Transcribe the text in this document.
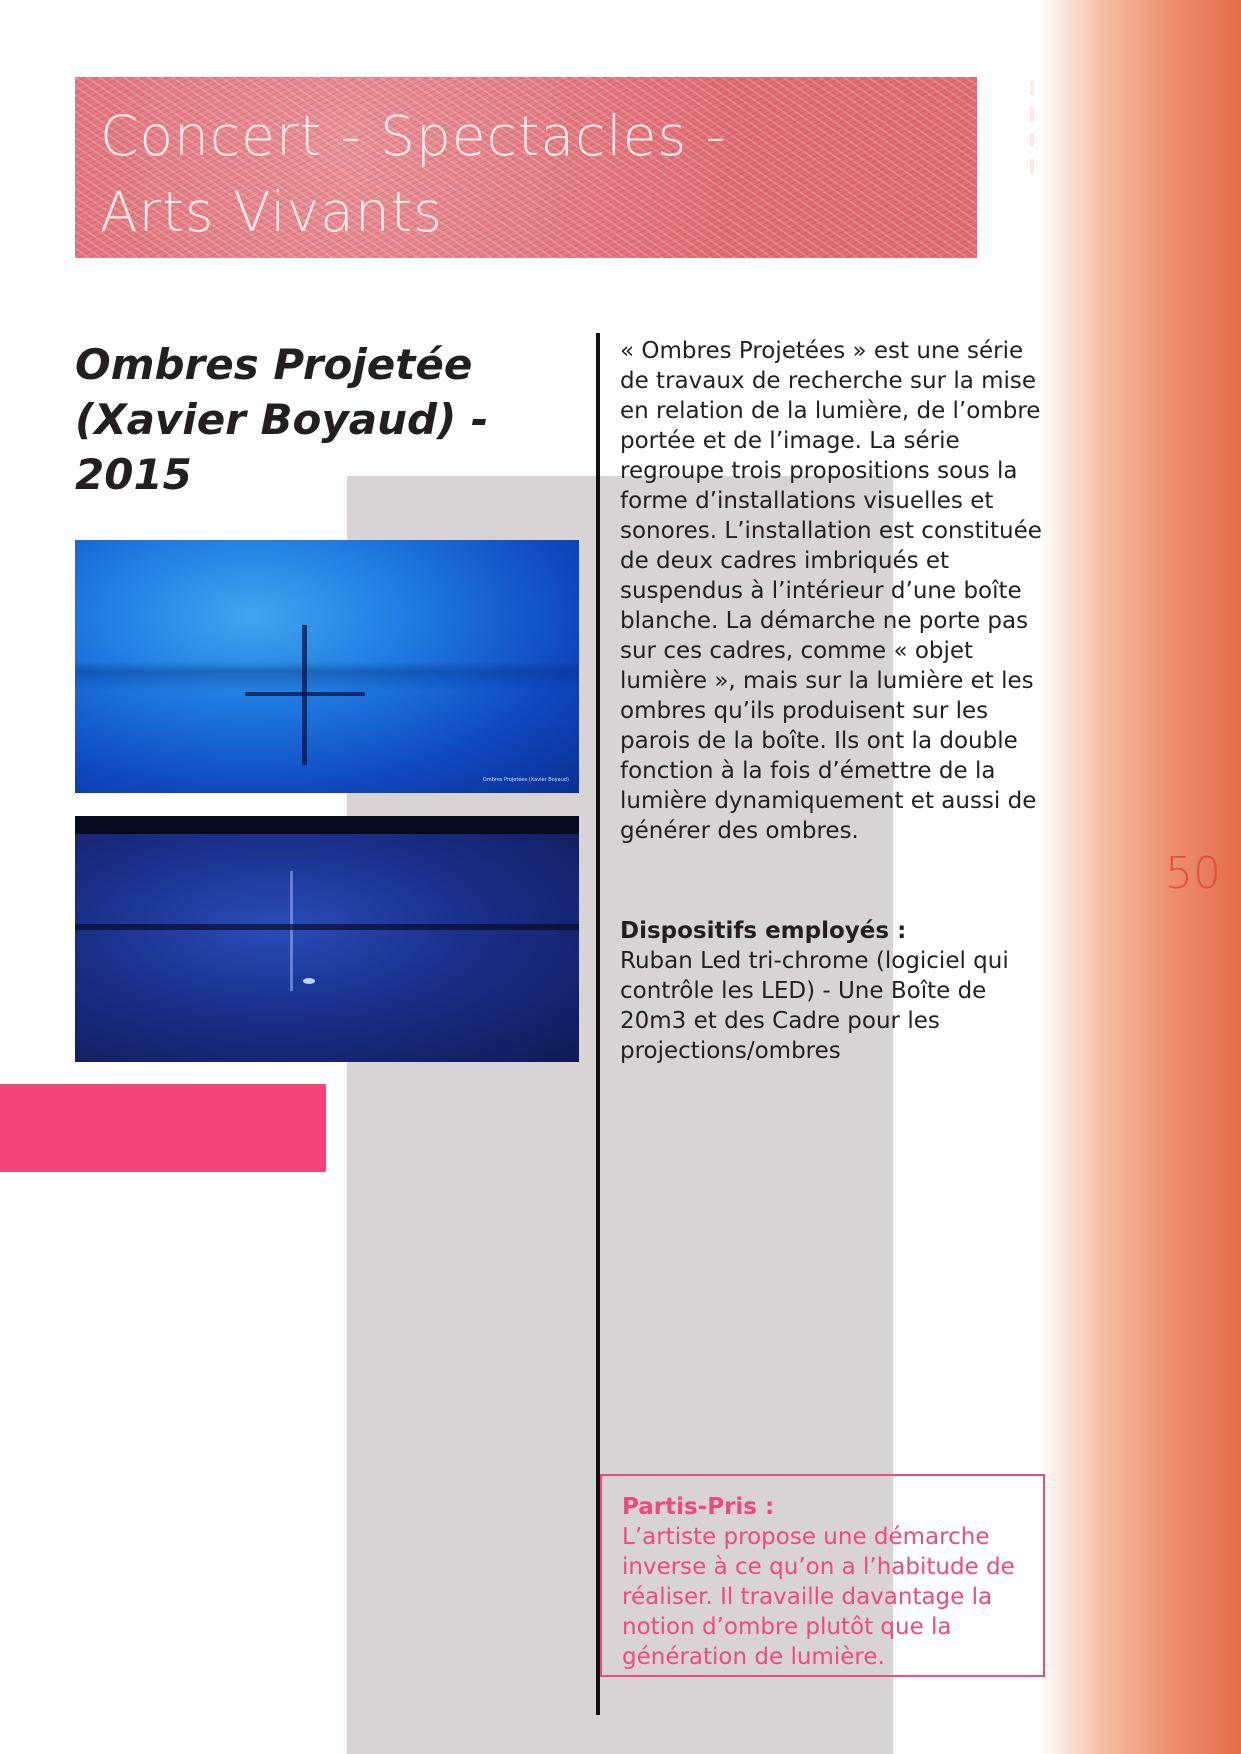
Concert - Spectacles -
Arts Vivants
Ombres Projetée (Xavier Boyaud) - 2015
Ombres Projetées (Xavier Boyaud)
« Ombres Projetées » est une série de travaux de recherche sur la mise en relation de la lumière, de l’ombre portée et de l’image. La série regroupe trois propositions sous la forme d’installations visuelles et sonores. L’installation est constituée de deux cadres imbriqués et suspendus à l’intérieur d’une boîte blanche. La démarche ne porte pas sur ces cadres, comme « objet lumière », mais sur la lumière et les ombres qu’ils produisent sur les parois de la boîte. Ils ont la double fonction à la fois d’émettre de la lumière dynamiquement et aussi de générer des ombres.
Dispositifs employés :
Ruban Led tri-chrome (logiciel qui contrôle les LED) - Une Boîte de 20m3 et des Cadre pour les projections/ombres
Partis-Pris :
L’artiste propose une démarche inverse à ce qu’on a l’habitude de réaliser. Il travaille davantage la notion d’ombre plutôt que la génération de lumière.
50
